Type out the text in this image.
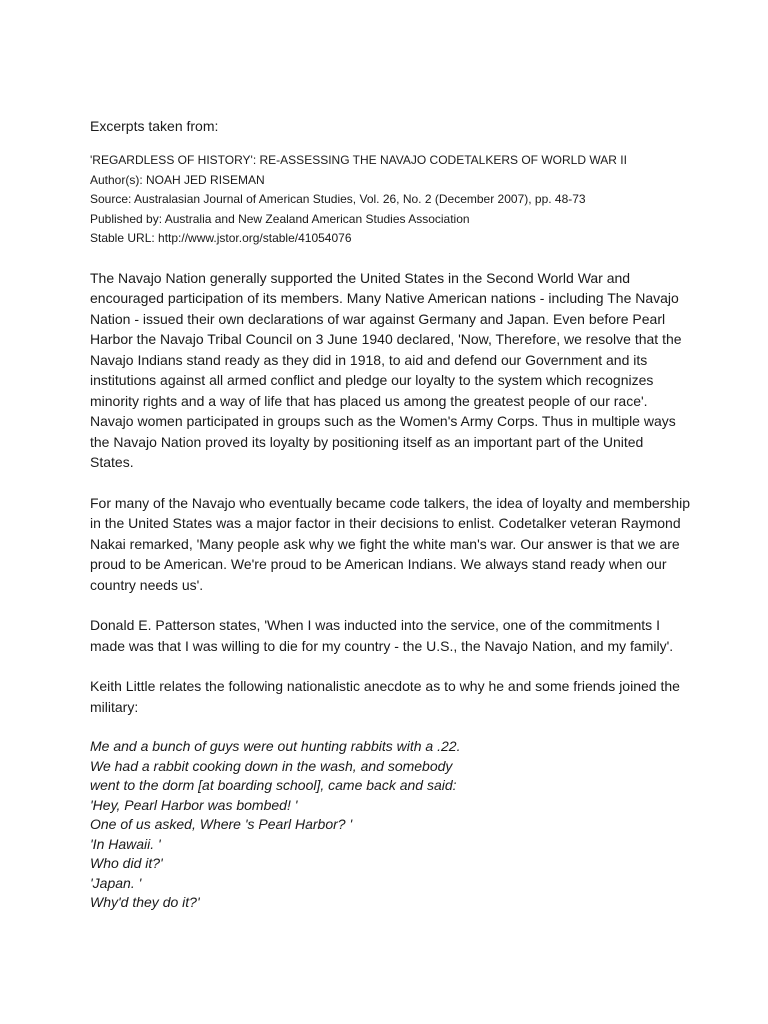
Excerpts taken from:
'REGARDLESS OF HISTORY': RE-ASSESSING THE NAVAJO CODETALKERS OF WORLD WAR II
Author(s): NOAH JED RISEMAN
Source: Australasian Journal of American Studies, Vol. 26, No. 2 (December 2007), pp. 48-73
Published by: Australia and New Zealand American Studies Association
Stable URL: http://www.jstor.org/stable/41054076

The Navajo Nation generally supported the United States in the Second World War and encouraged participation of its members. Many Native American nations - including The Navajo Nation - issued their own declarations of war against Germany and Japan. Even before Pearl Harbor the Navajo Tribal Council on 3 June 1940 declared, 'Now, Therefore, we resolve that the Navajo Indians stand ready as they did in 1918, to aid and defend our Government and its institutions against all armed conflict and pledge our loyalty to the system which recognizes minority rights and a way of life that has placed us among the greatest people of our race'. Navajo women participated in groups such as the Women's Army Corps. Thus in multiple ways the Navajo Nation proved its loyalty by positioning itself as an important part of the United States.

For many of the Navajo who eventually became code talkers, the idea of loyalty and membership in the United States was a major factor in their decisions to enlist. Codetalker veteran Raymond Nakai remarked, 'Many people ask why we fight the white man's war. Our answer is that we are proud to be American. We're proud to be American Indians. We always stand ready when our country needs us'.

Donald E. Patterson states, 'When I was inducted into the service, one of the commitments I made was that I was willing to die for my country - the U.S., the Navajo Nation, and my family'.

Keith Little relates the following nationalistic anecdote as to why he and some friends joined the military:

Me and a bunch of guys were out hunting rabbits with a .22.
We had a rabbit cooking down in the wash, and somebody
went to the dorm [at boarding school], came back and said:
'Hey, Pearl Harbor was bombed! '
One of us asked, Where 's Pearl Harbor? '
'In Hawaii. '
Who did it?'
'Japan. '
Why'd they do it?'
